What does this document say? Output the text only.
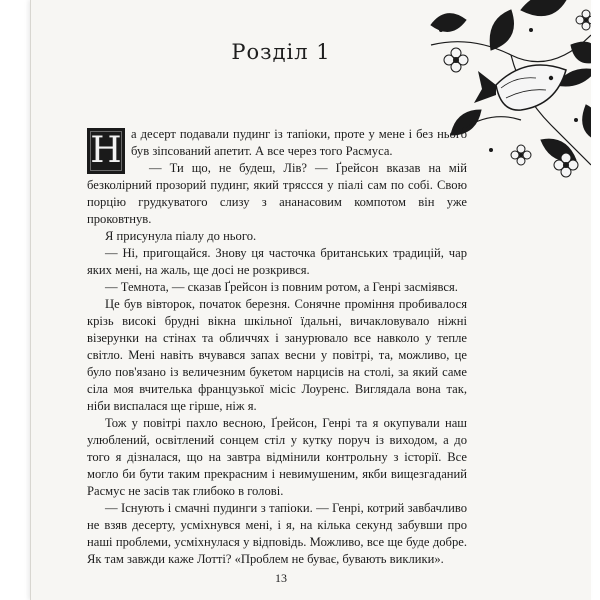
Розділ 1

Н а десерт подавали пудинг із тапіоки, проте у мене і без нього був зіпсований апетит. А все через того Расмуса.

— Ти що, не будеш, Лів? — Ґрейсон вказав на мій безколірний прозорий пудинг, який тряссся у піалі сам по собі. Свою порцію грудкуватого слизу з ананасовим компотом він уже проковтнув.

Я присунула піалу до нього.

— Ні, пригощайся. Знову ця часточка британських традицій, чар яких мені, на жаль, ще досі не розкрився.

— Темнота, — сказав Ґрейсон із повним ротом, а Генрі засміявся.

Це був вівторок, початок березня. Сонячне проміння пробивалося крізь високі брудні вікна шкільної їдальні, вичакловувало ніжні візерунки на стінах та обличчях і занурювало все навколо у тепле світло. Мені навіть вчувався запах весни у повітрі, та, можливо, це було пов'язано із величезним букетом нарцисів на столі, за який саме сіла моя вчителька французької місіс Лоуренс. Виглядала вона так, ніби виспалася ще гірше, ніж я.

Тож у повітрі пахло весною, Ґрейсон, Генрі та я окупували наш улюблений, освітлений сонцем стіл у кутку поруч із виходом, а до того я дізналася, що на завтра відмінили контрольну з історії. Все могло би бути таким прекрасним і невимушеним, якби вищезгаданий Расмус не засів так глибоко в голові.

— Існують і смачні пудинги з тапіоки. — Генрі, котрий завбачливо не взяв десерту, усміхнувся мені, і я, на кілька секунд забувши про наші проблеми, усміхнулася у відповідь. Можливо, все ще буде добре. Як там завжди каже Лотті? «Проблем не буває, бувають виклики».

13
